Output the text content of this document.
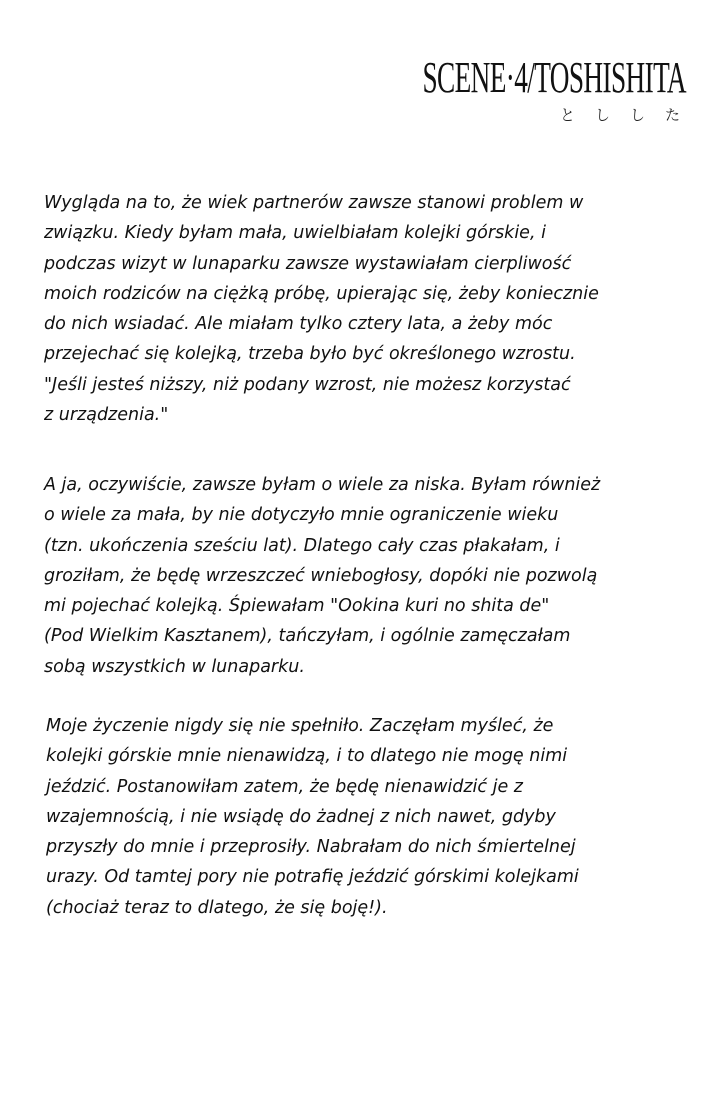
SCENE·4/TOSHISHITA
としした
Wygląda na to, że wiek partnerów zawsze stanowi problem w
związku. Kiedy byłam mała, uwielbiałam kolejki górskie, i
podczas wizyt w lunaparku zawsze wystawiałam cierpliwość
moich rodziców na ciężką próbę, upierając się, żeby koniecznie
do nich wsiadać. Ale miałam tylko cztery lata, a żeby móc
przejechać się kolejką, trzeba było być określonego wzrostu.
"Jeśli jesteś niższy, niż podany wzrost, nie możesz korzystać
z urządzenia."
A ja, oczywiście, zawsze byłam o wiele za niska. Byłam również
o wiele za mała, by nie dotyczyło mnie ograniczenie wieku
(tzn. ukończenia sześciu lat). Dlatego cały czas płakałam, i
groziłam, że będę wrzeszczeć wniebogłosy, dopóki nie pozwolą
mi pojechać kolejką. Śpiewałam "Ookina kuri no shita de"
(Pod Wielkim Kasztanem), tańczyłam, i ogólnie zamęczałam
sobą wszystkich w lunaparku.
Moje życzenie nigdy się nie spełniło. Zaczęłam myśleć, że
kolejki górskie mnie nienawidzą, i to dlatego nie mogę nimi
jeździć. Postanowiłam zatem, że będę nienawidzić je z
wzajemnością, i nie wsiądę do żadnej z nich nawet, gdyby
przyszły do mnie i przeprosiły. Nabrałam do nich śmiertelnej
urazy. Od tamtej pory nie potrafię jeździć górskimi kolejkami
(chociaż teraz to dlatego, że się boję!).
